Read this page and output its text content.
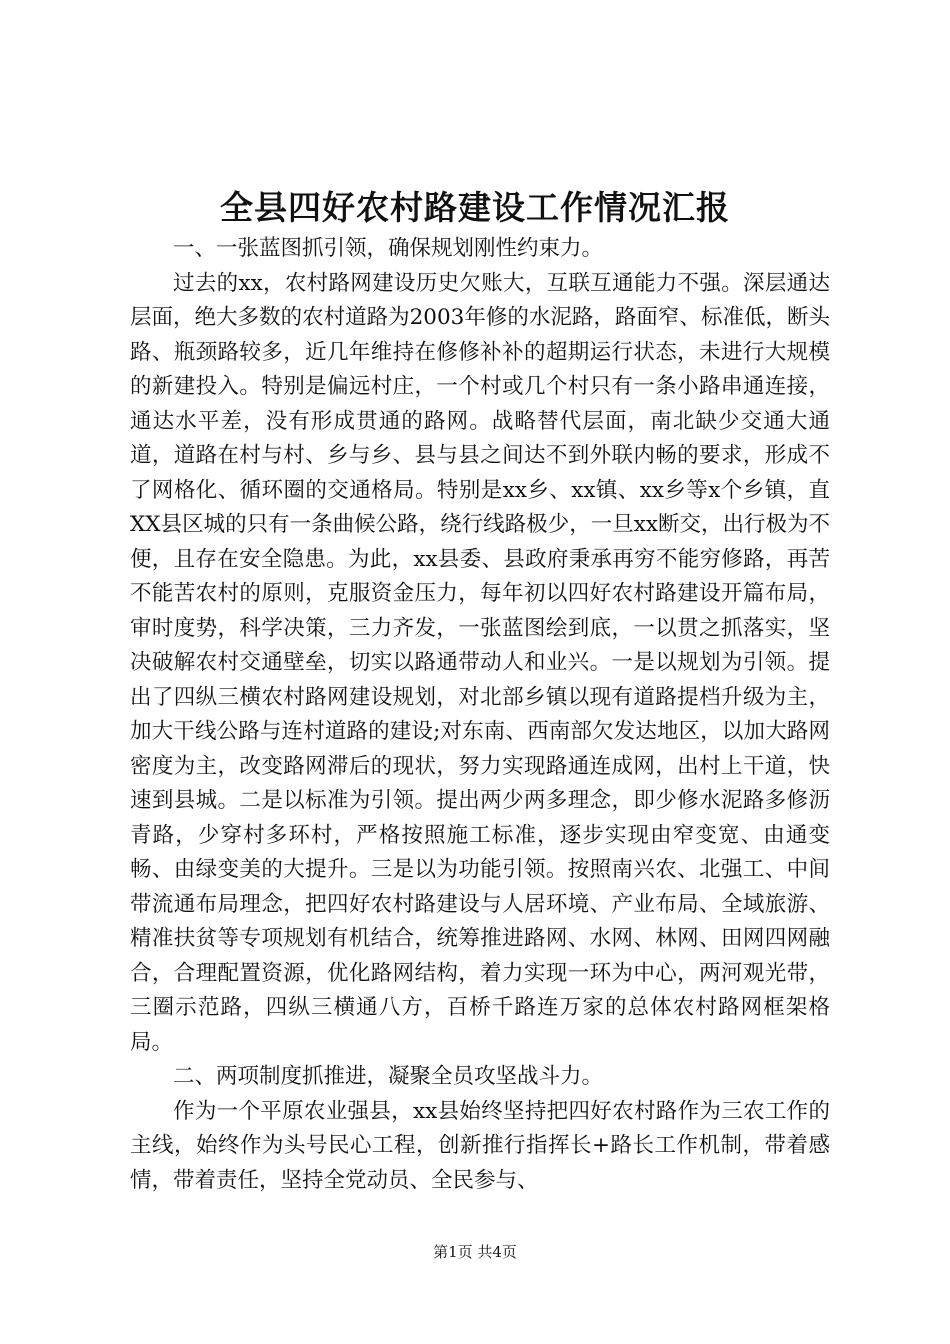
全县四好农村路建设工作情况汇报

一、一张蓝图抓引领，确保规划刚性约束力。

过去的xx，农村路网建设历史欠账大，互联互通能力不强。深层通达层面，绝大多数的农村道路为2003年修的水泥路，路面窄、标准低，断头路、瓶颈路较多，近几年维持在修修补补的超期运行状态，未进行大规模的新建投入。特别是偏远村庄，一个村或几个村只有一条小路串通连接，通达水平差，没有形成贯通的路网。战略替代层面，南北缺少交通大通道，道路在村与村、乡与乡、县与县之间达不到外联内畅的要求，形成不了网格化、循环圈的交通格局。特别是xx乡、xx镇、xx乡等x个乡镇，直XX县区城的只有一条曲候公路，绕行线路极少，一旦xx断交，出行极为不便，且存在安全隐患。为此，xx县委、县政府秉承再穷不能穷修路，再苦不能苦农村的原则，克服资金压力，每年初以四好农村路建设开篇布局，审时度势，科学决策，三力齐发，一张蓝图绘到底，一以贯之抓落实，坚决破解农村交通壁垒，切实以路通带动人和业兴。一是以规划为引领。提出了四纵三横农村路网建设规划，对北部乡镇以现有道路提档升级为主，加大干线公路与连村道路的建设;对东南、西南部欠发达地区，以加大路网密度为主，改变路网滞后的现状，努力实现路通连成网，出村上干道，快速到县城。二是以标准为引领。提出两少两多理念，即少修水泥路多修沥青路，少穿村多环村，严格按照施工标准，逐步实现由窄变宽、由通变畅、由绿变美的大提升。三是以为功能引领。按照南兴农、北强工、中间带流通布局理念，把四好农村路建设与人居环境、产业布局、全域旅游、精准扶贫等专项规划有机结合，统筹推进路网、水网、林网、田网四网融合，合理配置资源，优化路网结构，着力实现一环为中心，两河观光带，三圈示范路，四纵三横通八方，百桥千路连万家的总体农村路网框架格局。

二、两项制度抓推进，凝聚全员攻坚战斗力。

作为一个平原农业强县，xx县始终坚持把四好农村路作为三农工作的主线，始终作为头号民心工程，创新推行指挥长+路长工作机制，带着感情，带着责任，坚持全党动员、全民参与、

第1页 共4页
